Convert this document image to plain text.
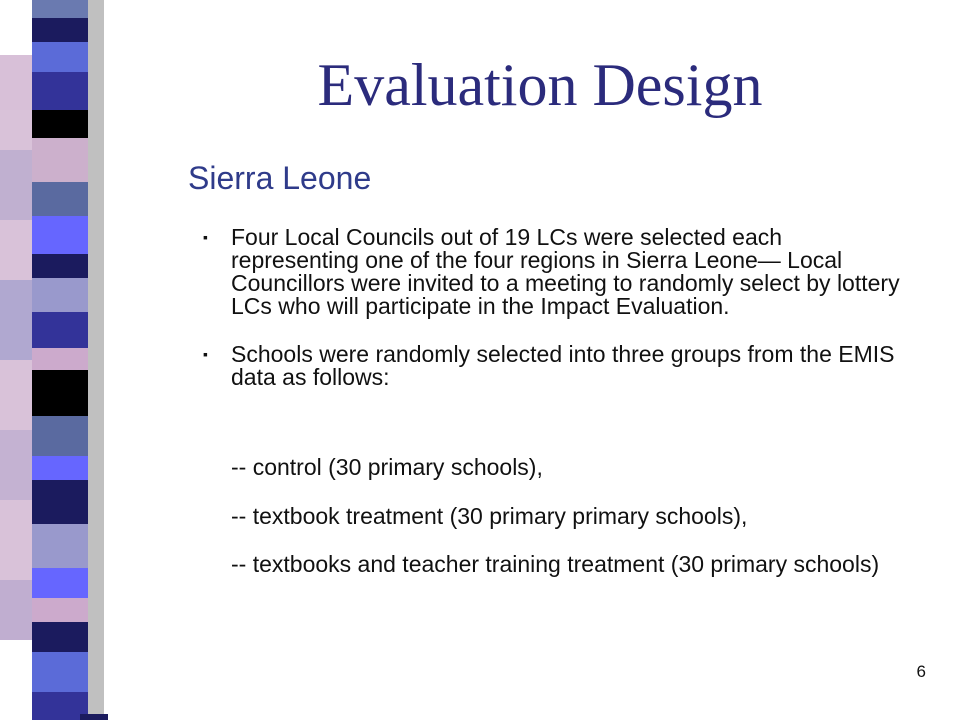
Evaluation Design
Sierra Leone
▪	Four Local Councils out of 19 LCs were selected each representing one of the four regions in Sierra Leone— Local Councillors were invited to a meeting to randomly select by lottery LCs who will participate in the Impact Evaluation.
▪	Schools were randomly selected into three groups from the EMIS data as follows:
-- control (30 primary schools),
-- textbook treatment (30 primary primary schools),
-- textbooks and teacher training treatment (30 primary schools)
6
